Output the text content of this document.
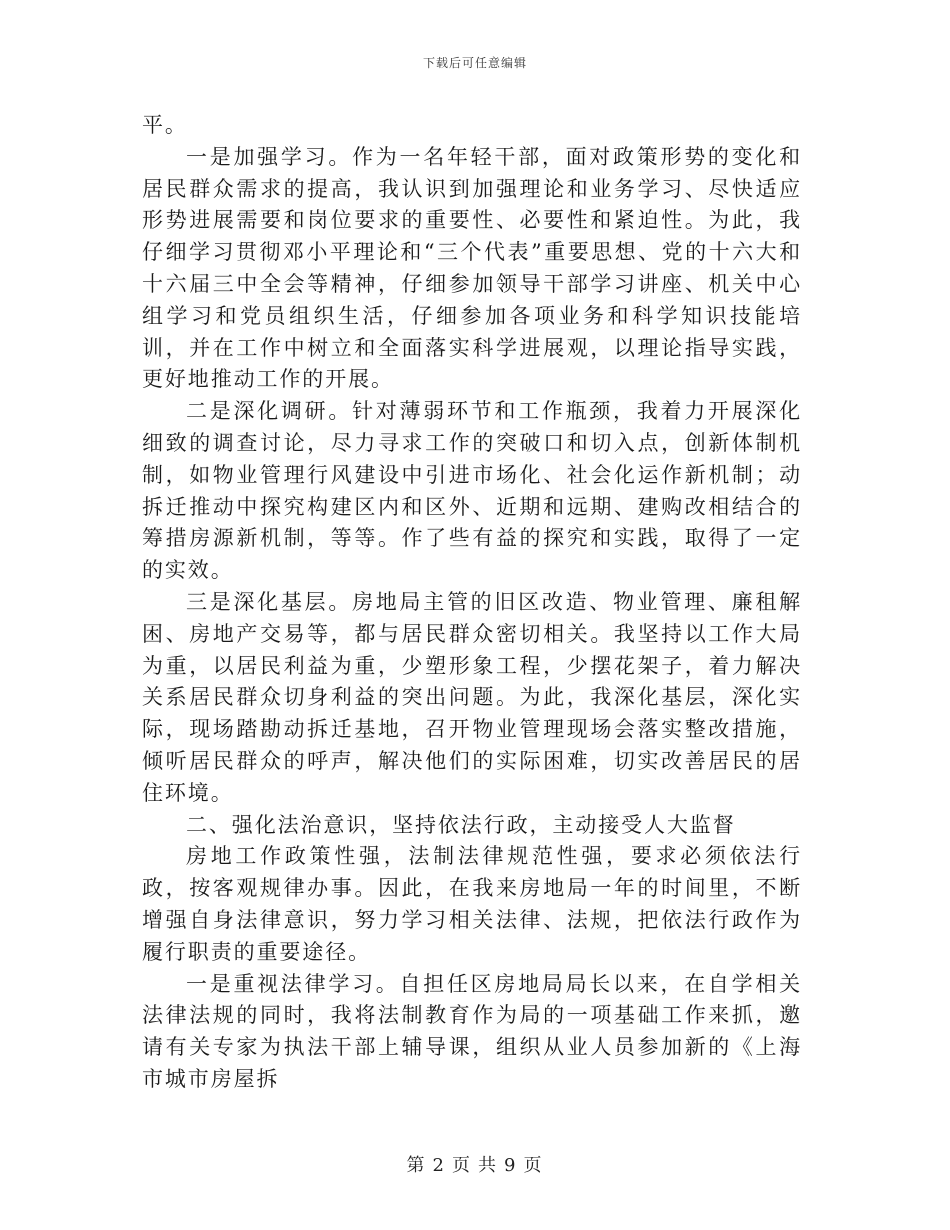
下载后可任意编辑

平。

一是加强学习。作为一名年轻干部，面对政策形势的变化和居民群众需求的提高，我认识到加强理论和业务学习、尽快适应形势进展需要和岗位要求的重要性、必要性和紧迫性。为此，我仔细学习贯彻邓小平理论和“三个代表”重要思想、党的十六大和十六届三中全会等精神，仔细参加领导干部学习讲座、机关中心组学习和党员组织生活，仔细参加各项业务和科学知识技能培训，并在工作中树立和全面落实科学进展观，以理论指导实践，更好地推动工作的开展。

二是深化调研。针对薄弱环节和工作瓶颈，我着力开展深化细致的调查讨论，尽力寻求工作的突破口和切入点，创新体制机制，如物业管理行风建设中引进市场化、社会化运作新机制；动拆迁推动中探究构建区内和区外、近期和远期、建购改相结合的筹措房源新机制，等等。作了些有益的探究和实践，取得了一定的实效。

三是深化基层。房地局主管的旧区改造、物业管理、廉租解困、房地产交易等，都与居民群众密切相关。我坚持以工作大局为重，以居民利益为重，少塑形象工程，少摆花架子，着力解决关系居民群众切身利益的突出问题。为此，我深化基层，深化实际，现场踏勘动拆迁基地，召开物业管理现场会落实整改措施，倾听居民群众的呼声，解决他们的实际困难，切实改善居民的居住环境。

二、强化法治意识，坚持依法行政，主动接受人大监督

房地工作政策性强，法制法律规范性强，要求必须依法行政，按客观规律办事。因此，在我来房地局一年的时间里，不断增强自身法律意识，努力学习相关法律、法规，把依法行政作为履行职责的重要途径。

一是重视法律学习。自担任区房地局局长以来，在自学相关法律法规的同时，我将法制教育作为局的一项基础工作来抓，邀请有关专家为执法干部上辅导课，组织从业人员参加新的《上海市城市房屋拆

第 2 页 共 9 页
